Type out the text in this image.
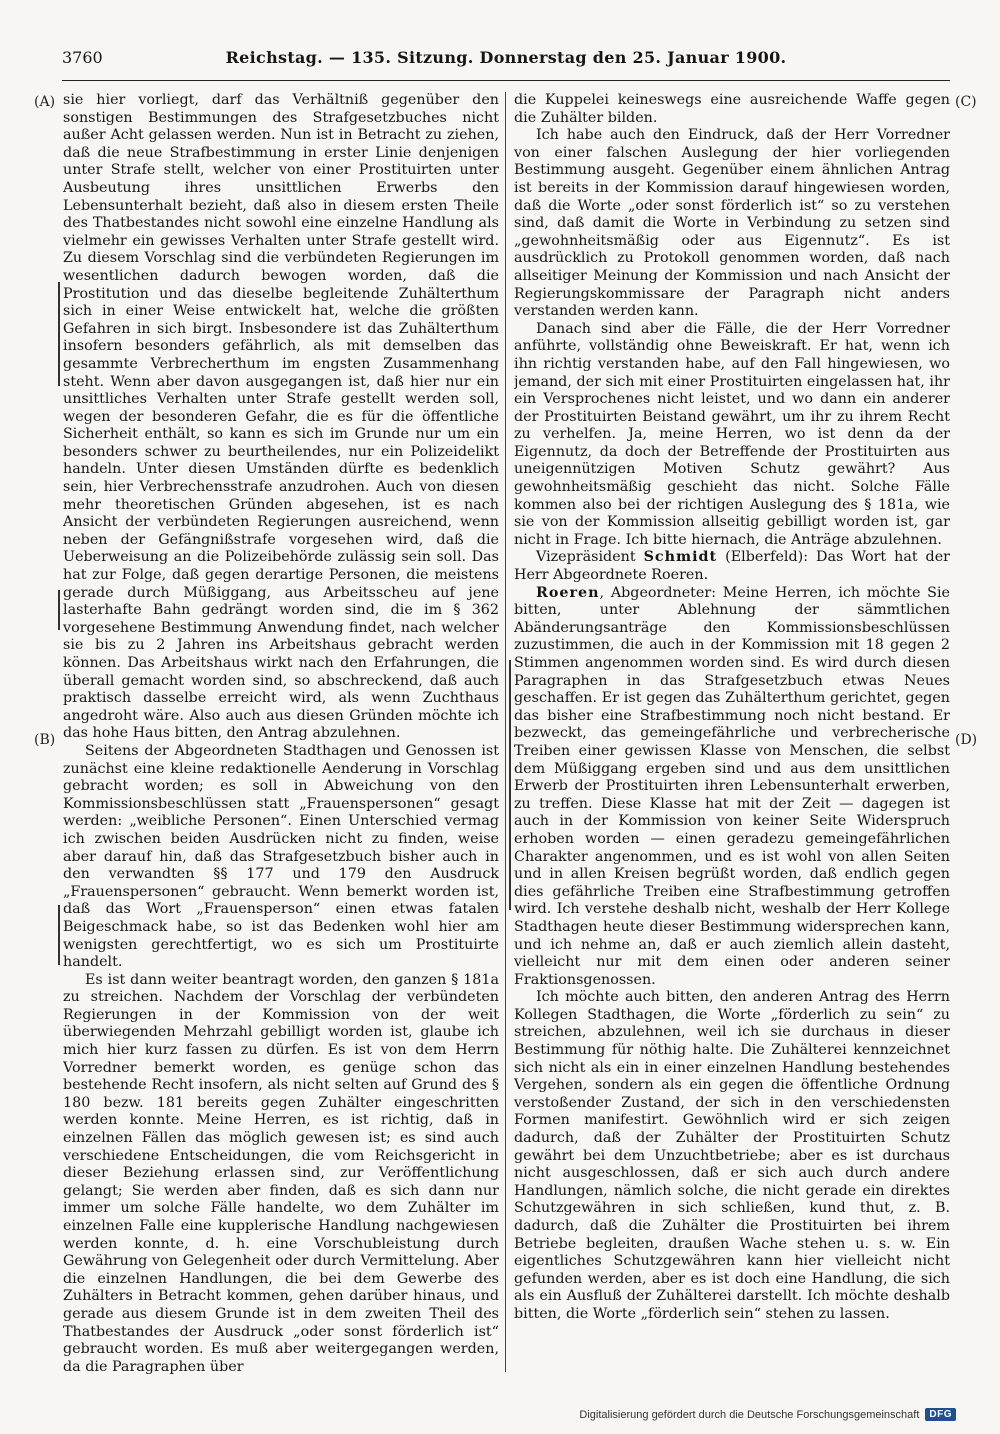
3760	Reichstag. — 135. Sitzung. Donnerstag den 25. Januar 1900.
(A)
(B)
(C)
(D)

sie hier vorliegt, darf das Verhältniß gegenüber den sonstigen Bestimmungen des Strafgesetzbuches nicht außer Acht gelassen werden. Nun ist in Betracht zu ziehen, daß die neue Strafbestimmung in erster Linie denjenigen unter Strafe stellt, welcher von einer Prostituirten unter Ausbeutung ihres unsittlichen Erwerbs den Lebensunterhalt bezieht, daß also in diesem ersten Theile des Thatbestandes nicht sowohl eine einzelne Handlung als vielmehr ein gewisses Verhalten unter Strafe gestellt wird. Zu diesem Vorschlag sind die verbündeten Regierungen im wesentlichen dadurch bewogen worden, daß die Prostitution und das dieselbe begleitende Zuhälterthum sich in einer Weise entwickelt hat, welche die größten Gefahren in sich birgt. Insbesondere ist das Zuhälterthum insofern besonders gefährlich, als mit demselben das gesammte Verbrecherthum im engsten Zusammenhang steht. Wenn aber davon ausgegangen ist, daß hier nur ein unsittliches Verhalten unter Strafe gestellt werden soll, wegen der besonderen Gefahr, die es für die öffentliche Sicherheit enthält, so kann es sich im Grunde nur um ein besonders schwer zu beurtheilendes, nur ein Polizeidelikt handeln. Unter diesen Umständen dürfte es bedenklich sein, hier Verbrechensstrafe anzudrohen. Auch von diesen mehr theoretischen Gründen abgesehen, ist es nach Ansicht der verbündeten Regierungen ausreichend, wenn neben der Gefängnißstrafe vorgesehen wird, daß die Ueberweisung an die Polizeibehörde zulässig sein soll. Das hat zur Folge, daß gegen derartige Personen, die meistens gerade durch Müßiggang, aus Arbeitsscheu auf jene lasterhafte Bahn gedrängt worden sind, die im § 362 vorgesehene Bestimmung Anwendung findet, nach welcher sie bis zu 2 Jahren ins Arbeitshaus gebracht werden können. Das Arbeitshaus wirkt nach den Erfahrungen, die überall gemacht worden sind, so abschreckend, daß auch praktisch dasselbe erreicht wird, als wenn Zuchthaus angedroht wäre. Also auch aus diesen Gründen möchte ich das hohe Haus bitten, den Antrag abzulehnen.

Seitens der Abgeordneten Stadthagen und Genossen ist zunächst eine kleine redaktionelle Aenderung in Vorschlag gebracht worden; es soll in Abweichung von den Kommissionsbeschlüssen statt „Frauenspersonen“ gesagt werden: „weibliche Personen“. Einen Unterschied vermag ich zwischen beiden Ausdrücken nicht zu finden, weise aber darauf hin, daß das Strafgesetzbuch bisher auch in den verwandten §§ 177 und 179 den Ausdruck „Frauenspersonen“ gebraucht. Wenn bemerkt worden ist, daß das Wort „Frauensperson“ einen etwas fatalen Beigeschmack habe, so ist das Bedenken wohl hier am wenigsten gerechtfertigt, wo es sich um Prostituirte handelt.

Es ist dann weiter beantragt worden, den ganzen § 181a zu streichen. Nachdem der Vorschlag der verbündeten Regierungen in der Kommission von der weit überwiegenden Mehrzahl gebilligt worden ist, glaube ich mich hier kurz fassen zu dürfen. Es ist von dem Herrn Vorredner bemerkt worden, es genüge schon das bestehende Recht insofern, als nicht selten auf Grund des § 180 bezw. 181 bereits gegen Zuhälter eingeschritten werden konnte. Meine Herren, es ist richtig, daß in einzelnen Fällen das möglich gewesen ist; es sind auch verschiedene Entscheidungen, die vom Reichsgericht in dieser Beziehung erlassen sind, zur Veröffentlichung gelangt; Sie werden aber finden, daß es sich dann nur immer um solche Fälle handelte, wo dem Zuhälter im einzelnen Falle eine kupplerische Handlung nachgewiesen werden konnte, d. h. eine Vorschubleistung durch Gewährung von Gelegenheit oder durch Vermittelung. Aber die einzelnen Handlungen, die bei dem Gewerbe des Zuhälters in Betracht kommen, gehen darüber hinaus, und gerade aus diesem Grunde ist in dem zweiten Theil des Thatbestandes der Ausdruck „oder sonst förderlich ist“ gebraucht worden. Es muß aber weitergegangen werden, da die Paragraphen über

die Kuppelei keineswegs eine ausreichende Waffe gegen die Zuhälter bilden.

Ich habe auch den Eindruck, daß der Herr Vorredner von einer falschen Auslegung der hier vorliegenden Bestimmung ausgeht. Gegenüber einem ähnlichen Antrag ist bereits in der Kommission darauf hingewiesen worden, daß die Worte „oder sonst förderlich ist“ so zu verstehen sind, daß damit die Worte in Verbindung zu setzen sind „gewohnheitsmäßig oder aus Eigennutz“. Es ist ausdrücklich zu Protokoll genommen worden, daß nach allseitiger Meinung der Kommission und nach Ansicht der Regierungskommissare der Paragraph nicht anders verstanden werden kann.

Danach sind aber die Fälle, die der Herr Vorredner anführte, vollständig ohne Beweiskraft. Er hat, wenn ich ihn richtig verstanden habe, auf den Fall hingewiesen, wo jemand, der sich mit einer Prostituirten eingelassen hat, ihr ein Versprochenes nicht leistet, und wo dann ein anderer der Prostituirten Beistand gewährt, um ihr zu ihrem Recht zu verhelfen. Ja, meine Herren, wo ist denn da der Eigennutz, da doch der Betreffende der Prostituirten aus uneigennützigen Motiven Schutz gewährt? Aus gewohnheitsmäßig geschieht das nicht. Solche Fälle kommen also bei der richtigen Auslegung des § 181a, wie sie von der Kommission allseitig gebilligt worden ist, gar nicht in Frage. Ich bitte hiernach, die Anträge abzulehnen.

Vizepräsident Schmidt (Elberfeld): Das Wort hat der Herr Abgeordnete Roeren.

Roeren, Abgeordneter: Meine Herren, ich möchte Sie bitten, unter Ablehnung der sämmtlichen Abänderungsanträge den Kommissionsbeschlüssen zuzustimmen, die auch in der Kommission mit 18 gegen 2 Stimmen angenommen worden sind. Es wird durch diesen Paragraphen in das Strafgesetzbuch etwas Neues geschaffen. Er ist gegen das Zuhälterthum gerichtet, gegen das bisher eine Strafbestimmung noch nicht bestand. Er bezweckt, das gemeingefährliche und verbrecherische Treiben einer gewissen Klasse von Menschen, die selbst dem Müßiggang ergeben sind und aus dem unsittlichen Erwerb der Prostituirten ihren Lebensunterhalt erwerben, zu treffen. Diese Klasse hat mit der Zeit — dagegen ist auch in der Kommission von keiner Seite Widerspruch erhoben worden — einen geradezu gemeingefährlichen Charakter angenommen, und es ist wohl von allen Seiten und in allen Kreisen begrüßt worden, daß endlich gegen dies gefährliche Treiben eine Strafbestimmung getroffen wird. Ich verstehe deshalb nicht, weshalb der Herr Kollege Stadthagen heute dieser Bestimmung widersprechen kann, und ich nehme an, daß er auch ziemlich allein dasteht, vielleicht nur mit dem einen oder anderen seiner Fraktionsgenossen.

Ich möchte auch bitten, den anderen Antrag des Herrn Kollegen Stadthagen, die Worte „förderlich zu sein“ zu streichen, abzulehnen, weil ich sie durchaus in dieser Bestimmung für nöthig halte. Die Zuhälterei kennzeichnet sich nicht als ein in einer einzelnen Handlung bestehendes Vergehen, sondern als ein gegen die öffentliche Ordnung verstoßender Zustand, der sich in den verschiedensten Formen manifestirt. Gewöhnlich wird er sich zeigen dadurch, daß der Zuhälter der Prostituirten Schutz gewährt bei dem Unzuchtbetriebe; aber es ist durchaus nicht ausgeschlossen, daß er sich auch durch andere Handlungen, nämlich solche, die nicht gerade ein direktes Schutzgewähren in sich schließen, kund thut, z. B. dadurch, daß die Zuhälter die Prostituirten bei ihrem Betriebe begleiten, draußen Wache stehen u. s. w. Ein eigentliches Schutzgewähren kann hier vielleicht nicht gefunden werden, aber es ist doch eine Handlung, die sich als ein Ausfluß der Zuhälterei darstellt. Ich möchte deshalb bitten, die Worte „förderlich sein“ stehen zu lassen.

Digitalisierung gefördert durch die Deutsche Forschungsgemeinschaft	DFG
